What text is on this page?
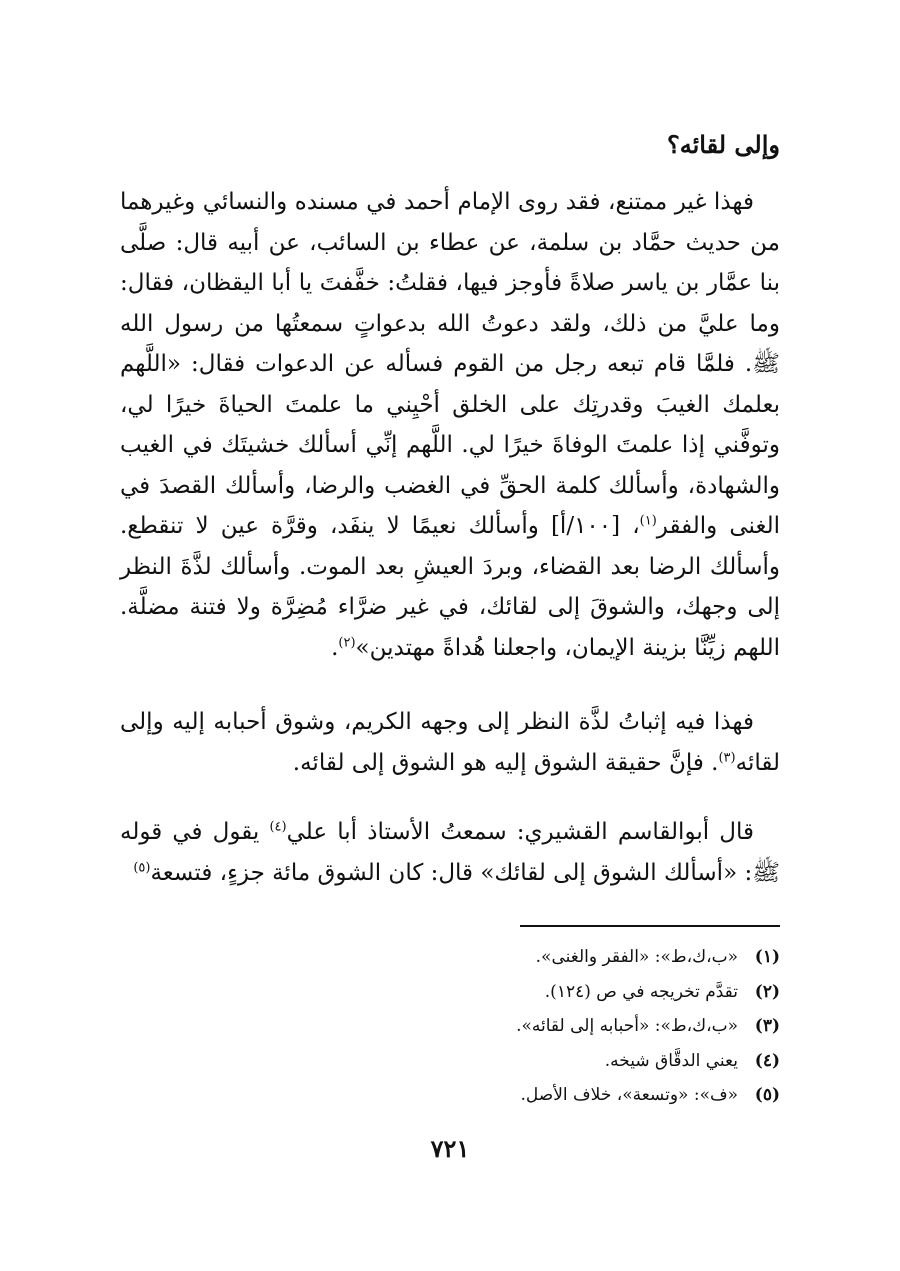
وإلى لقائه؟
فهذا غير ممتنع، فقد روى الإمام أحمد في مسنده والنسائي وغيرهما من حديث حمَّاد بن سلمة، عن عطاء بن السائب، عن أبيه قال: صلَّى بنا عمَّار بن ياسر صلاةً فأوجز فيها، فقلتُ: خفَّفتَ يا أبا اليقظان، فقال: وما عليَّ من ذلك، ولقد دعوتُ الله بدعواتٍ سمعتُها من رسول الله ﷺ. فلمَّا قام تبعه رجل من القوم فسأله عن الدعوات فقال: «اللَّهم بعلمك الغيبَ وقدرتِك على الخلق أحْيِني ما علمتَ الحياةَ خيرًا لي، وتوفَّني إذا علمتَ الوفاةَ خيرًا لي. اللَّهم إنِّي أسألك خشيتَك في الغيب والشهادة، وأسألك كلمة الحقِّ في الغضب والرضا، وأسألك القصدَ في الغنى والفقر$^{(١)}$، [١٠٠/أ] وأسألك نعيمًا لا ينفَد، وقرَّة عين لا تنقطع. وأسألك الرضا بعد القضاء، وبردَ العيشِ بعد الموت. وأسألك لذَّةَ النظر إلى وجهك، والشوقَ إلى لقائك، في غير ضرَّاء مُضِرَّة ولا فتنة مضلَّة. اللهم زيِّنَّا بزينة الإيمان، واجعلنا هُداةً مهتدين»$^{(٢)}$.
فهذا فيه إثباتُ لذَّة النظر إلى وجهه الكريم، وشوق أحبابه إليه وإلى لقائه$^{(٣)}$. فإنَّ حقيقة الشوق إليه هو الشوق إلى لقائه.
قال أبوالقاسم القشيري: سمعتُ الأستاذ أبا علي$^{(٤)}$ يقول في قوله ﷺ: «أسألك الشوق إلى لقائك» قال: كان الشوق مائة جزءٍ، فتسعة$^{(٥)}$
(١)
«ب،ك،ط»: «الفقر والغنى».
(٢)
تقدَّم تخريجه في ص (١٢٤).
(٣)
«ب،ك،ط»: «أحبابه إلى لقائه».
(٤)
يعني الدقَّاق شيخه.
(٥)
«ف»: «وتسعة»، خلاف الأصل.
٧٢١
